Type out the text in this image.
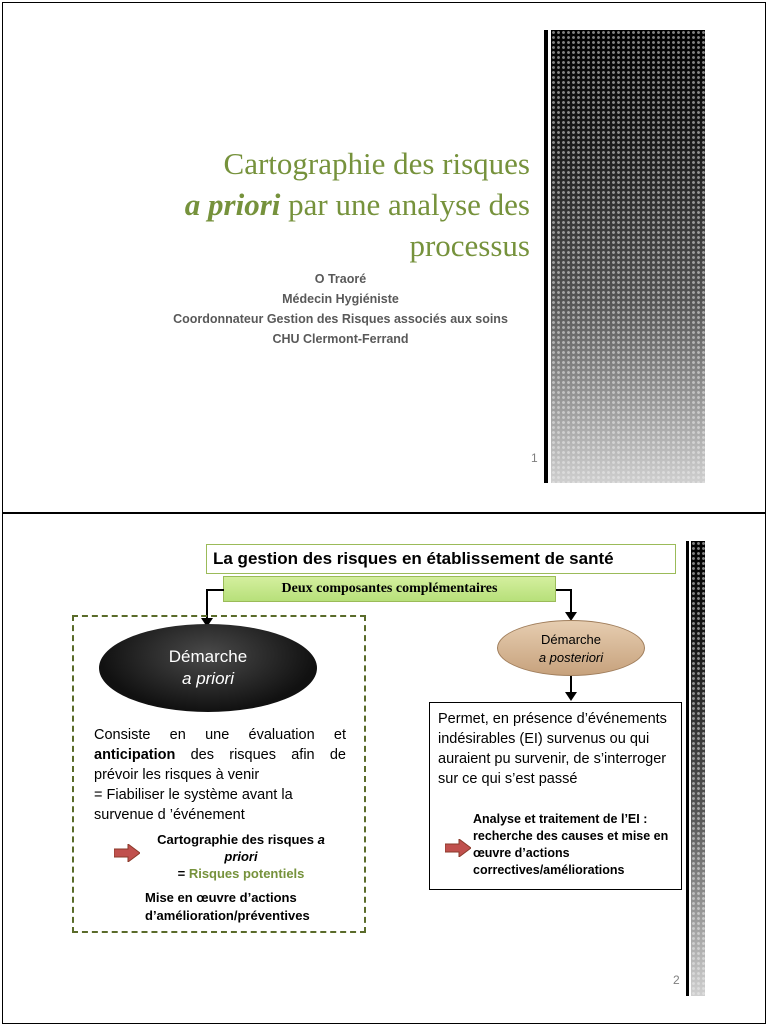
Cartographie des risques
a priori par une analyse des
processus
O Traoré
Médecin Hygiéniste
Coordonnateur Gestion des Risques associés aux soins
CHU Clermont-Ferrand
1
La gestion des risques en établissement de santé
Deux composantes complémentaires
Démarche
a priori
Démarche
a posteriori
Consiste en une évaluation et anticipation des risques afin de prévoir les risques à venir
= Fiabiliser le système avant la survenue d ’événement
Cartographie des risques a priori
= Risques potentiels
Mise en œuvre d’actions d’amélioration/préventives
Permet, en présence d’événements indésirables (EI) survenus ou qui auraient pu survenir, de s’interroger sur ce qui s’est passé
Analyse et traitement de l’EI : recherche des causes et mise en œuvre d’actions correctives/améliorations
2
